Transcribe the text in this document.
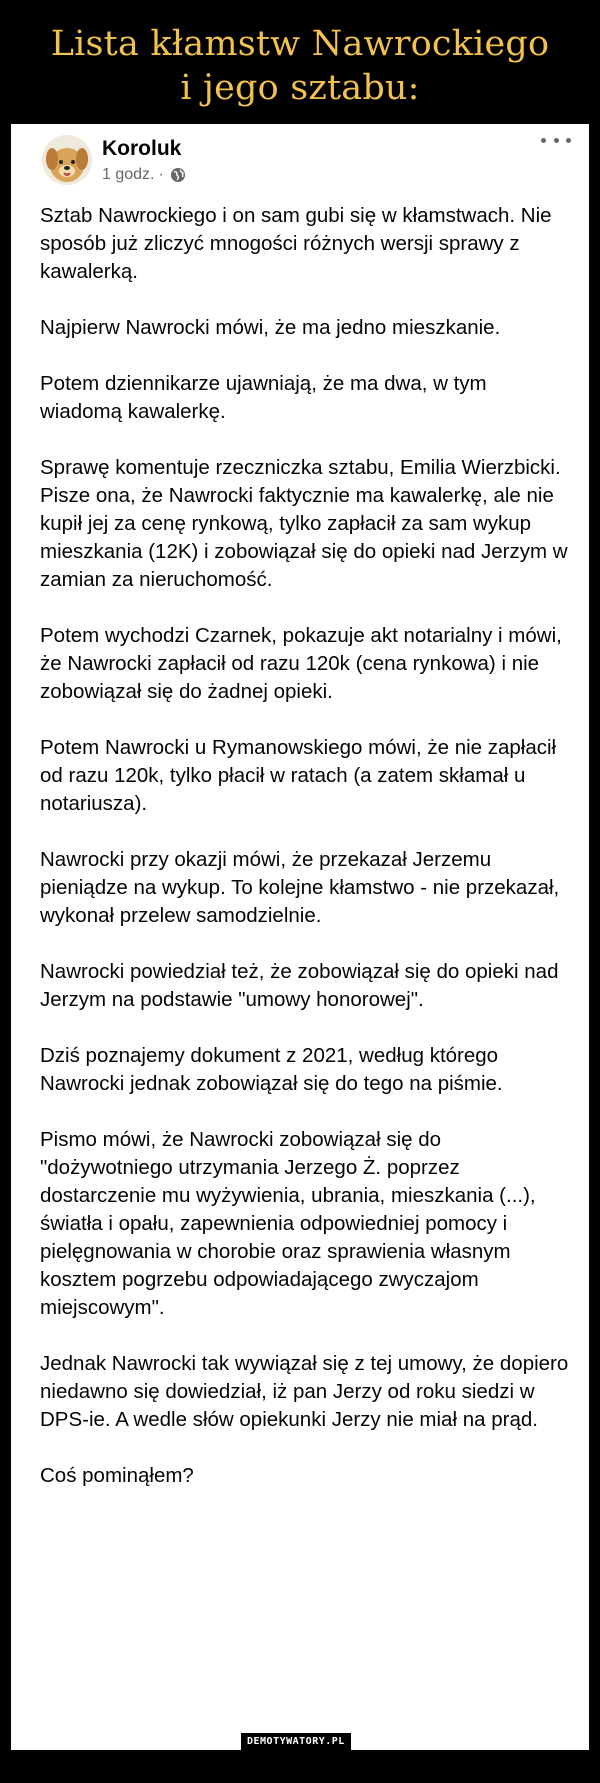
Lista kłamstw Nawrockiego
i jego sztabu:
Koroluk
1 godz. ·

Sztab Nawrockiego i on sam gubi się w kłamstwach. Nie sposób już zliczyć mnogości różnych wersji sprawy z kawalerką.

Najpierw Nawrocki mówi, że ma jedno mieszkanie.

Potem dziennikarze ujawniają, że ma dwa, w tym wiadomą kawalerkę.

Sprawę komentuje rzeczniczka sztabu, Emilia Wierzbicki. Pisze ona, że Nawrocki faktycznie ma kawalerkę, ale nie kupił jej za cenę rynkową, tylko zapłacił za sam wykup mieszkania (12K) i zobowiązał się do opieki nad Jerzym w zamian za nieruchomość.

Potem wychodzi Czarnek, pokazuje akt notarialny i mówi, że Nawrocki zapłacił od razu 120k (cena rynkowa) i nie zobowiązał się do żadnej opieki.

Potem Nawrocki u Rymanowskiego mówi, że nie zapłacił od razu 120k, tylko płacił w ratach (a zatem skłamał u notariusza).

Nawrocki przy okazji mówi, że przekazał Jerzemu pieniądze na wykup. To kolejne kłamstwo - nie przekazał, wykonał przelew samodzielnie.

Nawrocki powiedział też, że zobowiązał się do opieki nad Jerzym na podstawie "umowy honorowej".

Dziś poznajemy dokument z 2021, według którego Nawrocki jednak zobowiązał się do tego na piśmie.

Pismo mówi, że Nawrocki zobowiązał się do "dożywotniego utrzymania Jerzego Ż. poprzez dostarczenie mu wyżywienia, ubrania, mieszkania (...), światła i opału, zapewnienia odpowiedniej pomocy i pielęgnowania w chorobie oraz sprawienia własnym kosztem pogrzebu odpowiadającego zwyczajom miejscowym".

Jednak Nawrocki tak wywiązał się z tej umowy, że dopiero niedawno się dowiedział, iż pan Jerzy od roku siedzi w DPS-ie. A wedle słów opiekunki Jerzy nie miał na prąd.

Coś pominąłem?

DEMOTYWATORY.PL
